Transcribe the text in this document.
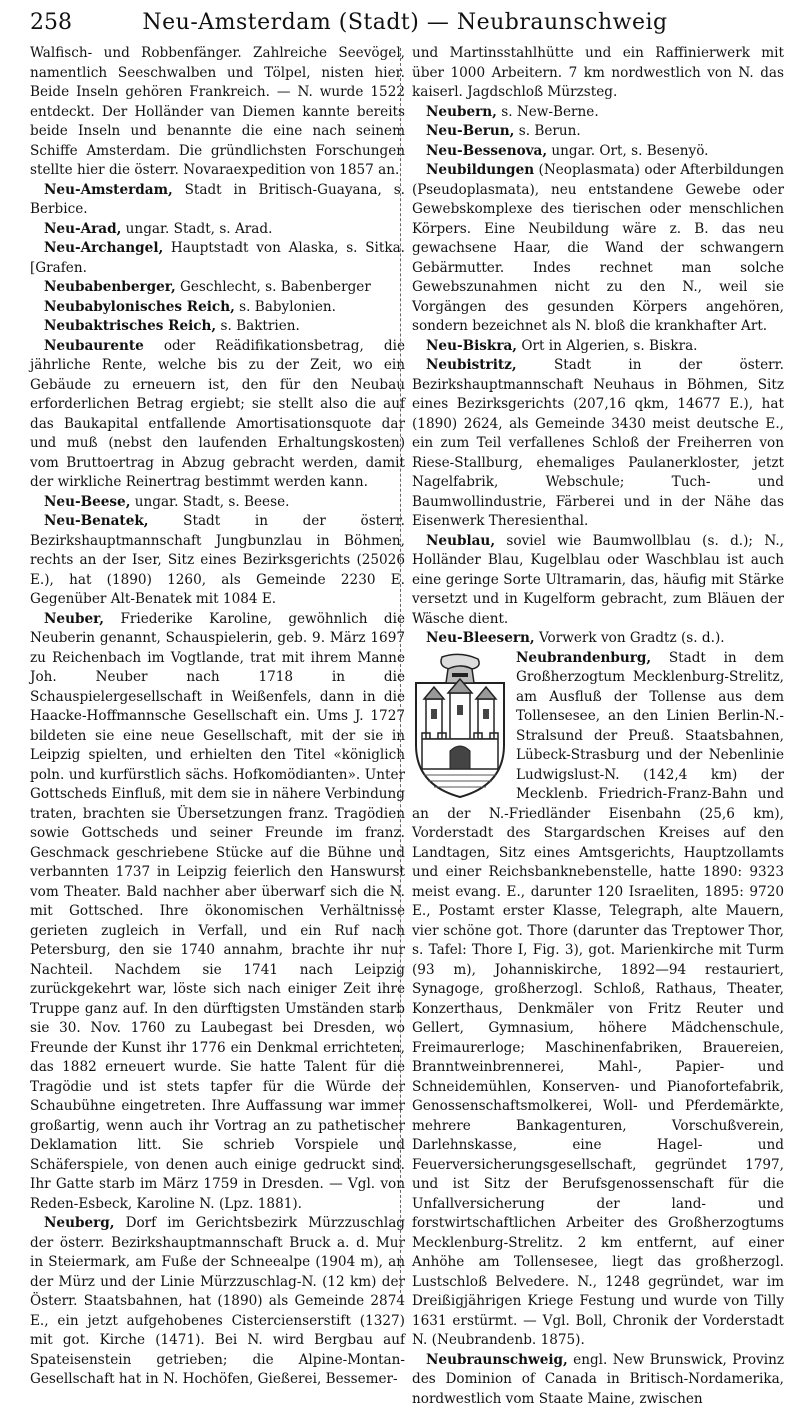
258	Neu-Amsterdam (Stadt) — Neubraunschweig

Walfisch- und Robbenfänger. Zahlreiche Seevögel, namentlich Seeschwalben und Tölpel, nisten hier. Beide Inseln gehören Frankreich. — N. wurde 1522 entdeckt. Der Holländer van Diemen kannte bereits beide Inseln und benannte die eine nach seinem Schiffe Amsterdam. Die gründlichsten Forschungen stellte hier die österr. Novaraexpedition von 1857 an.

Neu-Amsterdam, Stadt in Britisch-Guayana, s. Berbice.

Neu-Arad, ungar. Stadt, s. Arad.

Neu-Archangel, Hauptstadt von Alaska, s. Sitka. [Grafen.

Neubabenberger, Geschlecht, s. Babenberger

Neubabylonisches Reich, s. Babylonien.

Neubaktrisches Reich, s. Baktrien.

Neubaurente oder Reädifikationsbetrag, die jährliche Rente, welche bis zu der Zeit, wo ein Gebäude zu erneuern ist, den für den Neubau erforderlichen Betrag ergiebt; sie stellt also die auf das Baukapital entfallende Amortisationsquote dar und muß (nebst den laufenden Erhaltungskosten) vom Bruttoertrag in Abzug gebracht werden, damit der wirkliche Reinertrag bestimmt werden kann.

Neu-Beese, ungar. Stadt, s. Beese.

Neu-Benatek, Stadt in der österr. Bezirkshauptmannschaft Jungbunzlau in Böhmen, rechts an der Iser, Sitz eines Bezirksgerichts (25026 E.), hat (1890) 1260, als Gemeinde 2230 E. Gegenüber Alt-Benatek mit 1084 E.

Neuber, Friederike Karoline, gewöhnlich die Neuberin genannt, Schauspielerin, geb. 9. März 1697 zu Reichenbach im Vogtlande, trat mit ihrem Manne Joh. Neuber nach 1718 in die Schauspielergesellschaft in Weißenfels, dann in die Haacke-Hoffmannsche Gesellschaft ein. Ums J. 1727 bildeten sie eine neue Gesellschaft, mit der sie in Leipzig spielten, und erhielten den Titel «königlich poln. und kurfürstlich sächs. Hofkomödianten». Unter Gottscheds Einfluß, mit dem sie in nähere Verbindung traten, brachten sie Übersetzungen franz. Tragödien sowie Gottscheds und seiner Freunde im franz. Geschmack geschriebene Stücke auf die Bühne und verbannten 1737 in Leipzig feierlich den Hanswurst vom Theater. Bald nachher aber überwarf sich die N. mit Gottsched. Ihre ökonomischen Verhältnisse gerieten zugleich in Verfall, und ein Ruf nach Petersburg, den sie 1740 annahm, brachte ihr nur Nachteil. Nachdem sie 1741 nach Leipzig zurückgekehrt war, löste sich nach einiger Zeit ihre Truppe ganz auf. In den dürftigsten Umständen starb sie 30. Nov. 1760 zu Laubegast bei Dresden, wo Freunde der Kunst ihr 1776 ein Denkmal errichteten, das 1882 erneuert wurde. Sie hatte Talent für die Tragödie und ist stets tapfer für die Würde der Schaubühne eingetreten. Ihre Auffassung war immer großartig, wenn auch ihr Vortrag an zu pathetischer Deklamation litt. Sie schrieb Vorspiele und Schäferspiele, von denen auch einige gedruckt sind. Ihr Gatte starb im März 1759 in Dresden. — Vgl. von Reden-Esbeck, Karoline N. (Lpz. 1881).

Neuberg, Dorf im Gerichtsbezirk Mürzzuschlag der österr. Bezirkshauptmannschaft Bruck a. d. Mur in Steiermark, am Fuße der Schneealpe (1904 m), an der Mürz und der Linie Mürzzuschlag-N. (12 km) der Österr. Staatsbahnen, hat (1890) als Gemeinde 2874 E., ein jetzt aufgehobenes Cistercienserstift (1327) mit got. Kirche (1471). Bei N. wird Bergbau auf Spateisenstein getrieben; die Alpine-Montan-Gesellschaft hat in N. Hochöfen, Gießerei, Bessemer-

und Martinsstahlhütte und ein Raffinierwerk mit über 1000 Arbeitern. 7 km nordwestlich von N. das kaiserl. Jagdschloß Mürzsteg.

Neubern, s. New-Berne.

Neu-Berun, s. Berun.

Neu-Bessenova, ungar. Ort, s. Besenyö.

Neubildungen (Neoplasmata) oder Afterbildungen (Pseudoplasmata), neu entstandene Gewebe oder Gewebskomplexe des tierischen oder menschlichen Körpers. Eine Neubildung wäre z. B. das neu gewachsene Haar, die Wand der schwangern Gebärmutter. Indes rechnet man solche Gewebszunahmen nicht zu den N., weil sie Vorgängen des gesunden Körpers angehören, sondern bezeichnet als N. bloß die krankhafter Art.

Neu-Biskra, Ort in Algerien, s. Biskra.

Neubistritz, Stadt in der österr. Bezirkshauptmannschaft Neuhaus in Böhmen, Sitz eines Bezirksgerichts (207,16 qkm, 14677 E.), hat (1890) 2624, als Gemeinde 3430 meist deutsche E., ein zum Teil verfallenes Schloß der Freiherren von Riese-Stallburg, ehemaliges Paulanerkloster, jetzt Nagelfabrik, Webschule; Tuch- und Baumwollindustrie, Färberei und in der Nähe das Eisenwerk Theresienthal.

Neublau, soviel wie Baumwollblau (s. d.); N., Holländer Blau, Kugelblau oder Waschblau ist auch eine geringe Sorte Ultramarin, das, häufig mit Stärke versetzt und in Kugelform gebracht, zum Bläuen der Wäsche dient.

Neu-Bleesern, Vorwerk von Gradtz (s. d.).

Neubrandenburg, Stadt in dem Großherzogtum Mecklenburg-Strelitz, am Ausfluß der Tollense aus dem Tollensesee, an den Linien Berlin-N.-Stralsund der Preuß. Staatsbahnen, Lübeck-Strasburg und der Nebenlinie Ludwigslust-N. (142,4 km) der Mecklenb. Friedrich-Franz-Bahn und an der N.-Friedländer Eisenbahn (25,6 km), Vorderstadt des Stargardschen Kreises auf den Landtagen, Sitz eines Amtsgerichts, Hauptzollamts und einer Reichsbanknebenstelle, hatte 1890: 9323 meist evang. E., darunter 120 Israeliten, 1895: 9720 E., Postamt erster Klasse, Telegraph, alte Mauern, vier schöne got. Thore (darunter das Treptower Thor, s. Tafel: Thore I, Fig. 3), got. Marienkirche mit Turm (93 m), Johanniskirche, 1892—94 restauriert, Synagoge, großherzogl. Schloß, Rathaus, Theater, Konzerthaus, Denkmäler von Fritz Reuter und Gellert, Gymnasium, höhere Mädchenschule, Freimaurerloge; Maschinenfabriken, Brauereien, Branntweinbrennerei, Mahl-, Papier- und Schneidemühlen, Konserven- und Pianofortefabrik, Genossenschaftsmolkerei, Woll- und Pferdemärkte, mehrere Bankagenturen, Vorschußverein, Darlehnskasse, eine Hagel- und Feuerversicherungsgesellschaft, gegründet 1797, und ist Sitz der Berufsgenossenschaft für die Unfallversicherung der land- und forstwirtschaftlichen Arbeiter des Großherzogtums Mecklenburg-Strelitz. 2 km entfernt, auf einer Anhöhe am Tollensesee, liegt das großherzogl. Lustschloß Belvedere. N., 1248 gegründet, war im Dreißigjährigen Kriege Festung und wurde von Tilly 1631 erstürmt. — Vgl. Boll, Chronik der Vorderstadt N. (Neubrandenb. 1875).

Neubraunschweig, engl. New Brunswick, Provinz des Dominion of Canada in Britisch-Nordamerika, nordwestlich vom Staate Maine, zwischen
